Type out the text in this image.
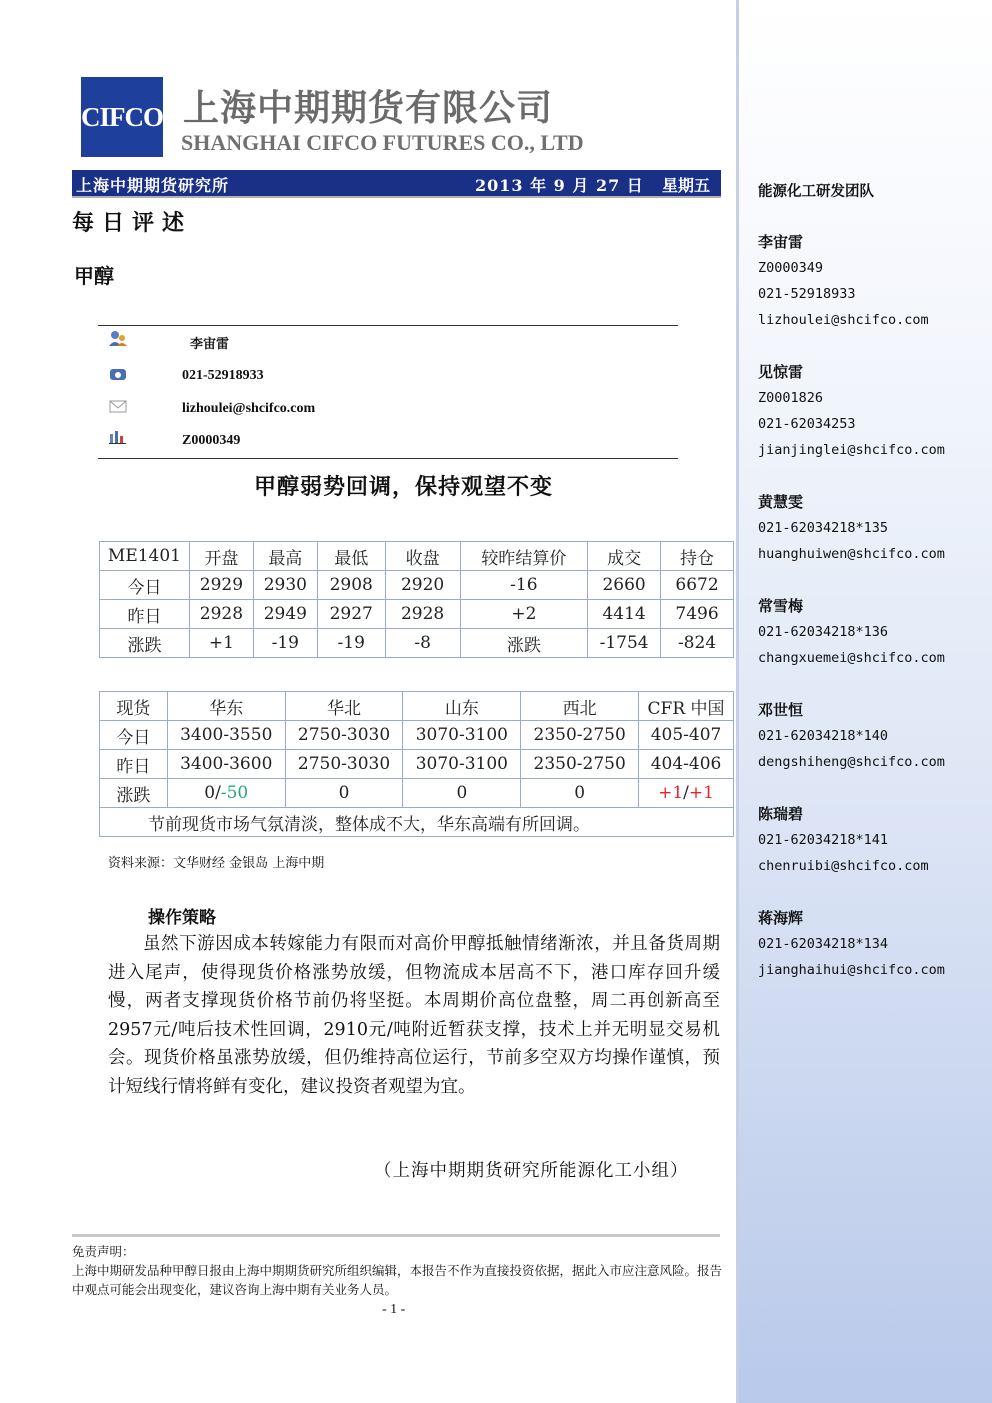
CIFCO 上海中期期货有限公司
SHANGHAI CIFCO FUTURES CO., LTD
上海中期期货研究所	2013 年 9 月 27 日 星期五
每日评述
甲醇
李宙雷
021-52918933
lizhoulei@shcifco.com
Z0000349
甲醇弱势回调，保持观望不变
ME1401	开盘	最高	最低	收盘	较昨结算价	成交	持仓
今日	2929	2930	2908	2920	-16	2660	6672
昨日	2928	2949	2927	2928	+2	4414	7496
涨跌	+1	-19	-19	-8	涨跌	-1754	-824
现货	华东	华北	山东	西北	CFR 中国
今日	3400-3550	2750-3030	3070-3100	2350-2750	405-407
昨日	3400-3600	2750-3030	3070-3100	2350-2750	404-406
涨跌	0/-50	0	0	0	+1/+1
节前现货市场气氛清淡，整体成不大，华东高端有所回调。					
资料来源：文华财经 金银岛 上海中期
操作策略
虽然下游因成本转嫁能力有限而对高价甲醇抵触情绪渐浓，并且备货周期进入尾声，使得现货价格涨势放缓，但物流成本居高不下，港口库存回升缓慢，两者支撑现货价格节前仍将坚挺。本周期价高位盘整，周二再创新高至2957元/吨后技术性回调，2910元/吨附近暂获支撑，技术上并无明显交易机会。现货价格虽涨势放缓，但仍维持高位运行，节前多空双方均操作谨慎，预计短线行情将鲜有变化，建议投资者观望为宜。
（上海中期期货研究所能源化工小组）
免责声明：
上海中期研发品种甲醇日报由上海中期期货研究所组织编辑，本报告不作为直接投资依据，据此入市应注意风险。报告中观点可能会出现变化，建议咨询上海中期有关业务人员。
- 1 -
能源化工研发团队
李宙雷
Z0000349
021-52918933
lizhoulei@shcifco.com
见惊雷
Z0001826
021-62034253
jianjinglei@shcifco.com
黄慧雯
021-62034218*135
huanghuiwen@shcifco.com
常雪梅
021-62034218*136
changxuemei@shcifco.com
邓世恒
021-62034218*140
dengshiheng@shcifco.com
陈瑞碧
021-62034218*141
chenruibi@shcifco.com
蒋海辉
021-62034218*134
jianghaihui@shcifco.com
